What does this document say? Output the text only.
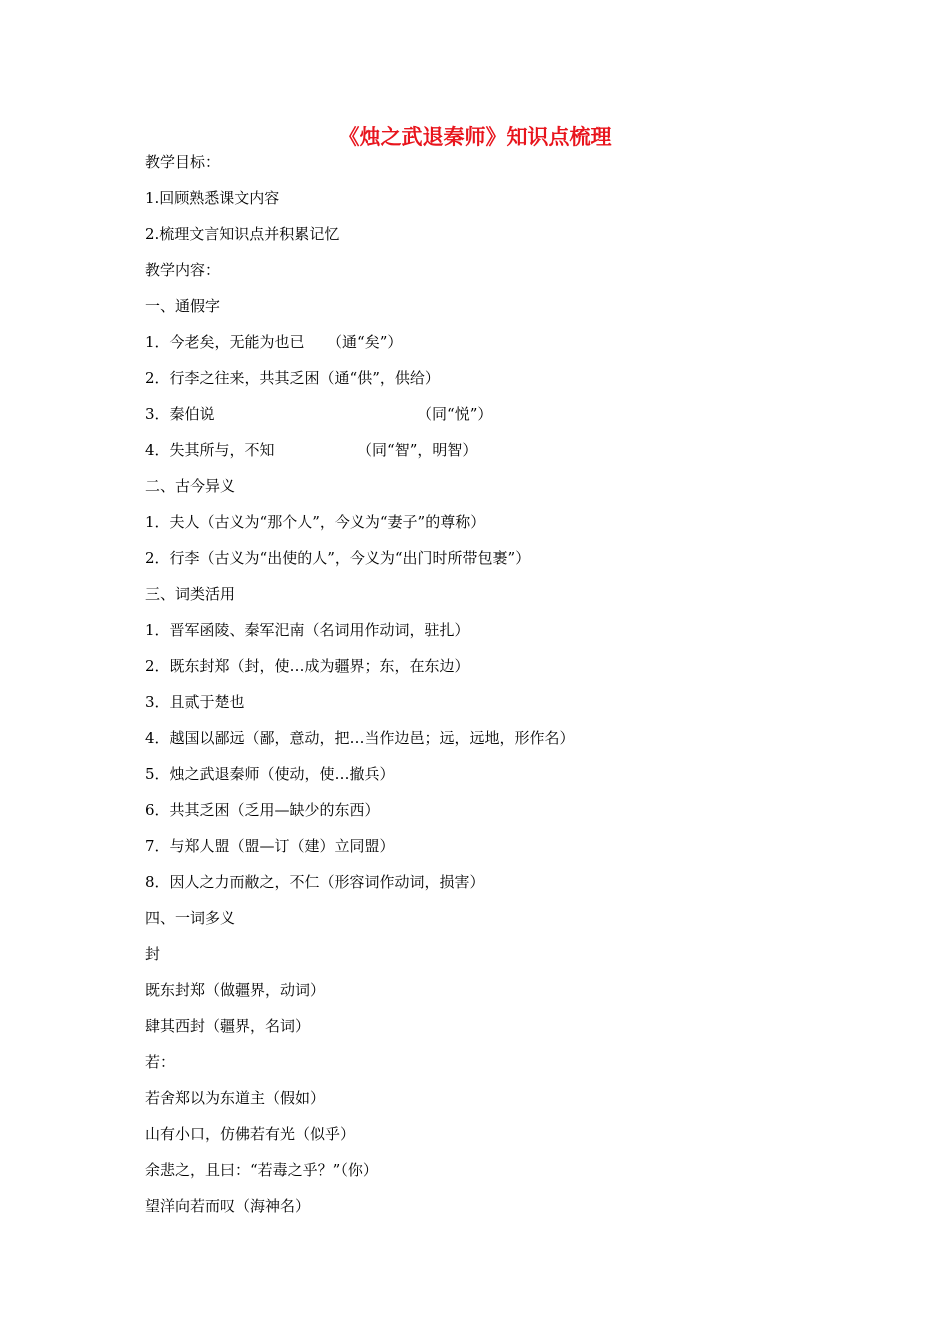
《烛之武退秦师》知识点梳理
教学目标：
1.回顾熟悉课文内容
2.梳理文言知识点并积累记忆
教学内容：
一、通假字
1．今老矣，无能为也已　　（通“矣”）
2．行李之往来，共其乏困（通“供”，供给）
3．秦伯说　　　　　　　　　　　　　　（同“悦”）
4．失其所与，不知　　　　　　（同“智”，明智）
二、古今异义
1．夫人（古义为“那个人”，今义为“妻子”的尊称）
2．行李（古义为“出使的人”，今义为“出门时所带包裹”）
三、词类活用
1．晋军函陵、秦军汜南（名词用作动词，驻扎）
2．既东封郑（封，使…成为疆界；东，在东边）
3．且贰于楚也
4．越国以鄙远（鄙，意动，把…当作边邑；远，远地，形作名）
5．烛之武退秦师（使动，使…撤兵）
6．共其乏困（乏用—缺少的东西）
7．与郑人盟（盟—订（建）立同盟）
8．因人之力而敝之，不仁（形容词作动词，损害）
四、一词多义
封
既东封郑（做疆界，动词）
肆其西封（疆界，名词）
若：
若舍郑以为东道主（假如）
山有小口，仿佛若有光（似乎）
余悲之，且曰：“若毒之乎？”（你）
望洋向若而叹（海神名）
